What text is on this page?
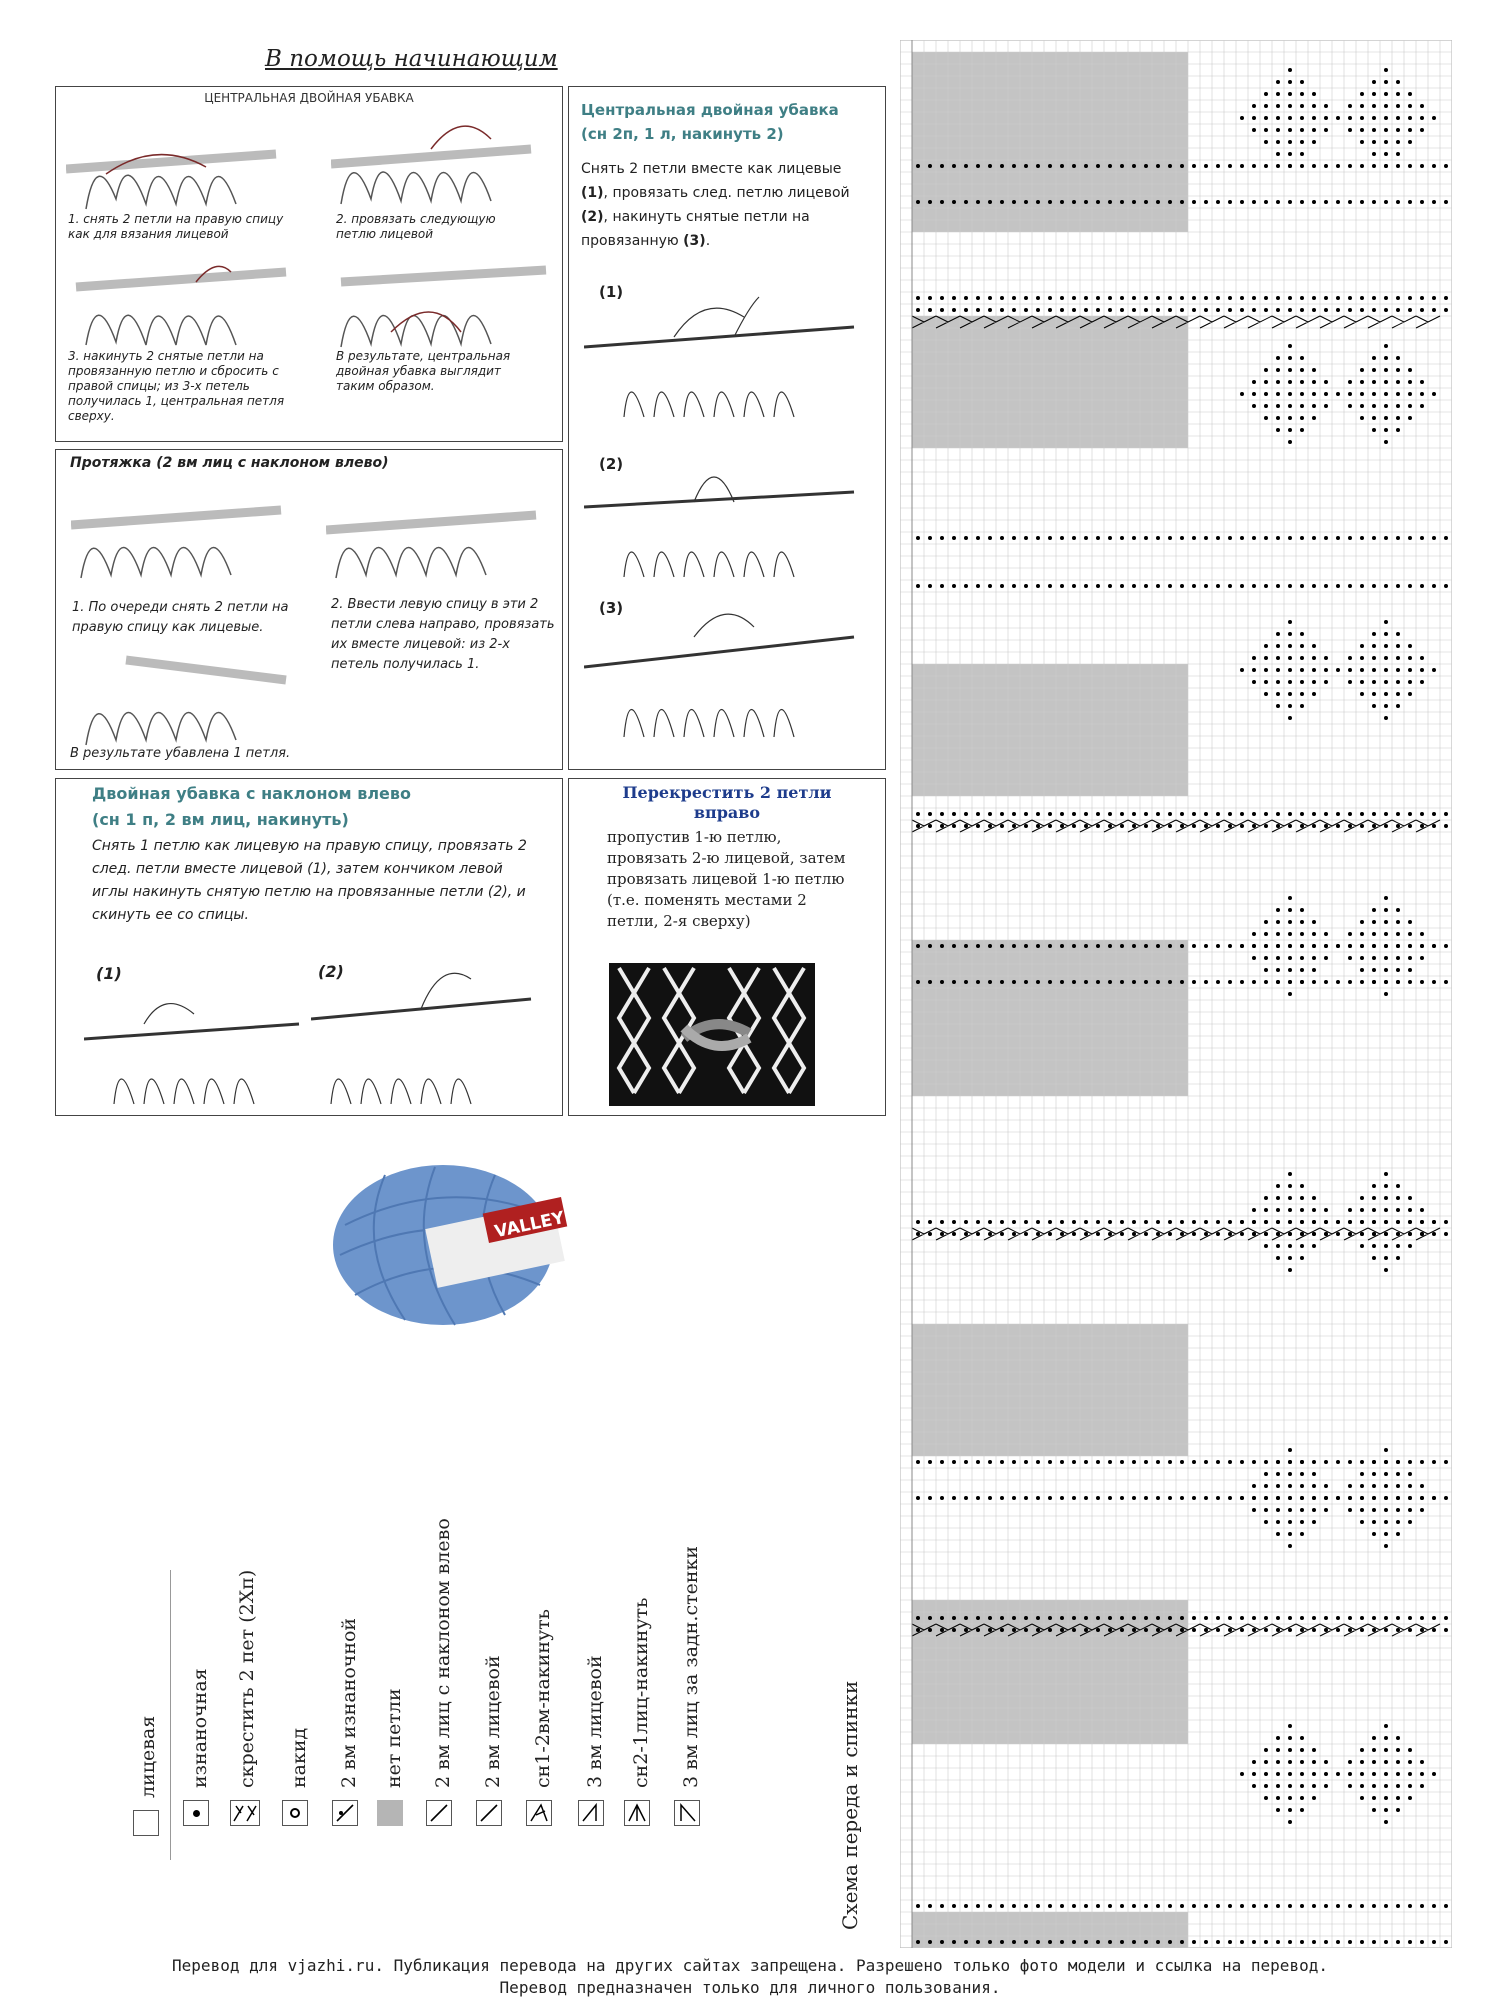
В помощь начинающим
ЦЕНТРАЛЬНАЯ ДВОЙНАЯ УБАВКА
1. снять 2 петли на правую спицу как для вязания лицевой
2. провязать следующую петлю лицевой
3. накинуть 2 снятые петли на провязанную петлю и сбросить с правой спицы; из 3-х петель получилась 1, центральная петля сверху.
В результате, центральная двойная убавка выглядит таким образом.
Центральная двойная убавка
(сн 2п, 1 л, накинуть 2)
Снять 2 петли вместе как лицевые
(1), провязать след. петлю лицевой
(2), накинуть снятые петли на
провязанную (3).
(1)
(2)
(3)
Протяжка (2 вм лиц с наклоном влево)
1. По очереди снять 2 петли на правую спицу как лицевые.
2. Ввести левую спицу в эти 2 петли слева направо, провязать их вместе лицевой: из 2-х петель получилась 1.
В результате убавлена 1 петля.
Двойная убавка с наклоном влево
(сн 1 п, 2 вм лиц, накинуть)
Снять 1 петлю как лицевую на правую спицу, провязать 2 след. петли вместе лицевой (1), затем кончиком левой иглы накинуть снятую петлю на провязанные петли (2), и скинуть ее со спицы.
(1)	(2)
Перекрестить 2 петли
вправо
пропустив 1-ю петлю, провязать 2-ю лицевой, затем провязать лицевой 1-ю петлю (т.е. поменять местами 2 петли, 2-я сверху)
VALLEY
лицевая изнаночная скрестить 2 пет (2Хп) накид 2 вм изнаночной нет петли 2 вм лиц с наклоном влево 2 вм лицевой сн1-2вм-накинуть 3 вм лицевой сн2-1лиц-накинуть 3 вм лиц за задн.стенки
Схема переда и спинки
Перевод для vjazhi.ru. Публикация перевода на других сайтах запрещена. Разрешено только фото модели и ссылка на перевод.
Перевод предназначен только для личного пользования.
